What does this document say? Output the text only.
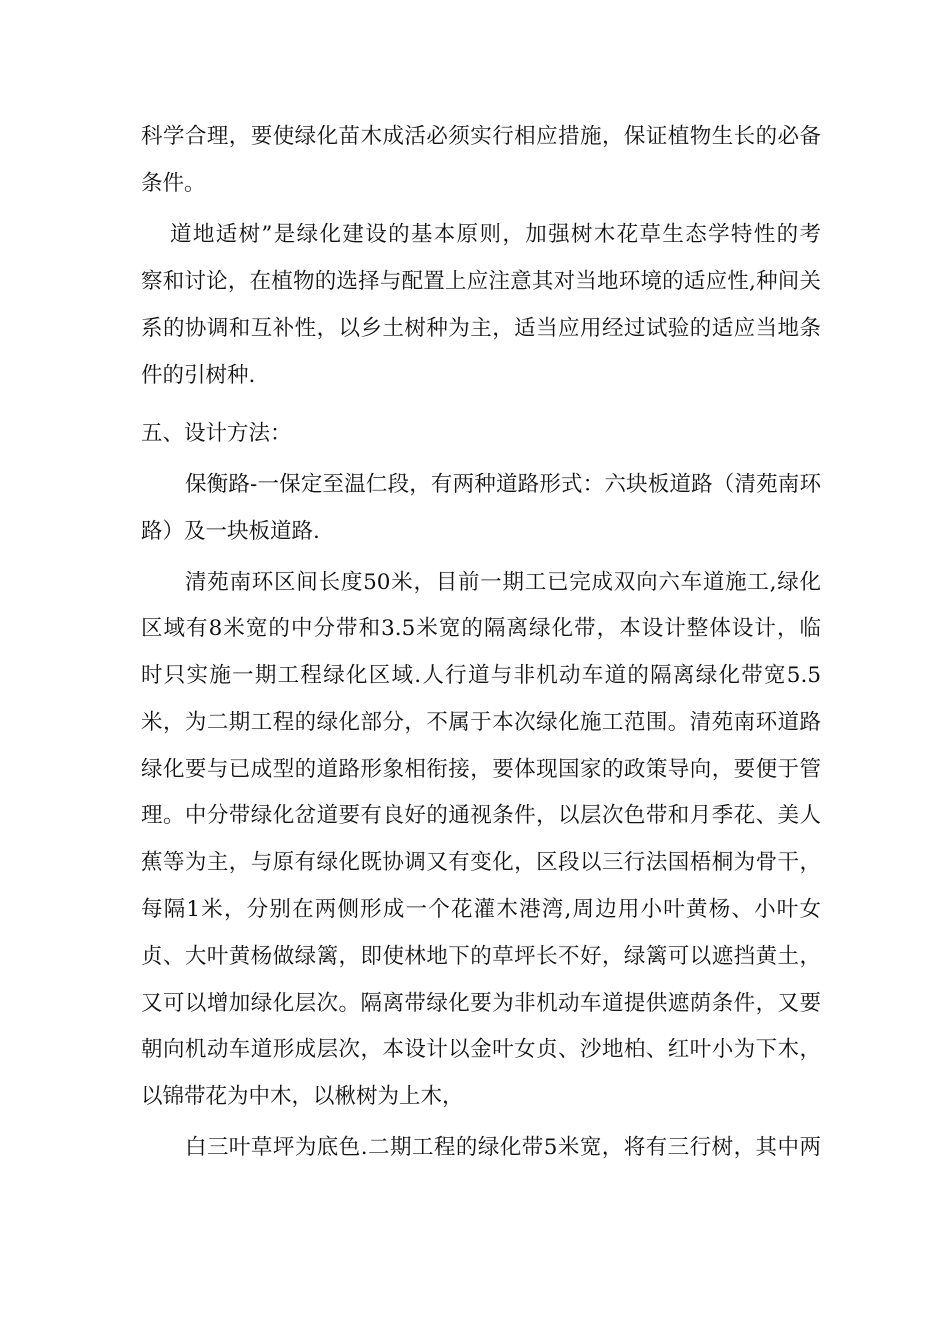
科学合理，要使绿化苗木成活必须实行相应措施，保证植物生长的必备
条件。
道地适树”是绿化建设的基本原则，加强树木花草生态学特性的考
察和讨论，在植物的选择与配置上应注意其对当地环境的适应性,种间关
系的协调和互补性，以乡土树种为主，适当应用经过试验的适应当地条
件的引树种.
五、设计方法：
保衡路-一保定至温仁段，有两种道路形式：六块板道路（清苑南环
路）及一块板道路.
清苑南环区间长度50米，目前一期工已完成双向六车道施工,绿化
区域有8米宽的中分带和3.5米宽的隔离绿化带，本设计整体设计，临
时只实施一期工程绿化区域.人行道与非机动车道的隔离绿化带宽5.5
米，为二期工程的绿化部分，不属于本次绿化施工范围。清苑南环道路
绿化要与已成型的道路形象相衔接，要体现国家的政策导向，要便于管
理。中分带绿化岔道要有良好的通视条件，以层次色带和月季花、美人
蕉等为主，与原有绿化既协调又有变化，区段以三行法国梧桐为骨干，
每隔1米，分别在两侧形成一个花灌木港湾,周边用小叶黄杨、小叶女
贞、大叶黄杨做绿篱，即使林地下的草坪长不好，绿篱可以遮挡黄土，
又可以增加绿化层次。隔离带绿化要为非机动车道提供遮荫条件，又要
朝向机动车道形成层次，本设计以金叶女贞、沙地柏、红叶小为下木，
以锦带花为中木，以楸树为上木，
白三叶草坪为底色.二期工程的绿化带5米宽，将有三行树，其中两
